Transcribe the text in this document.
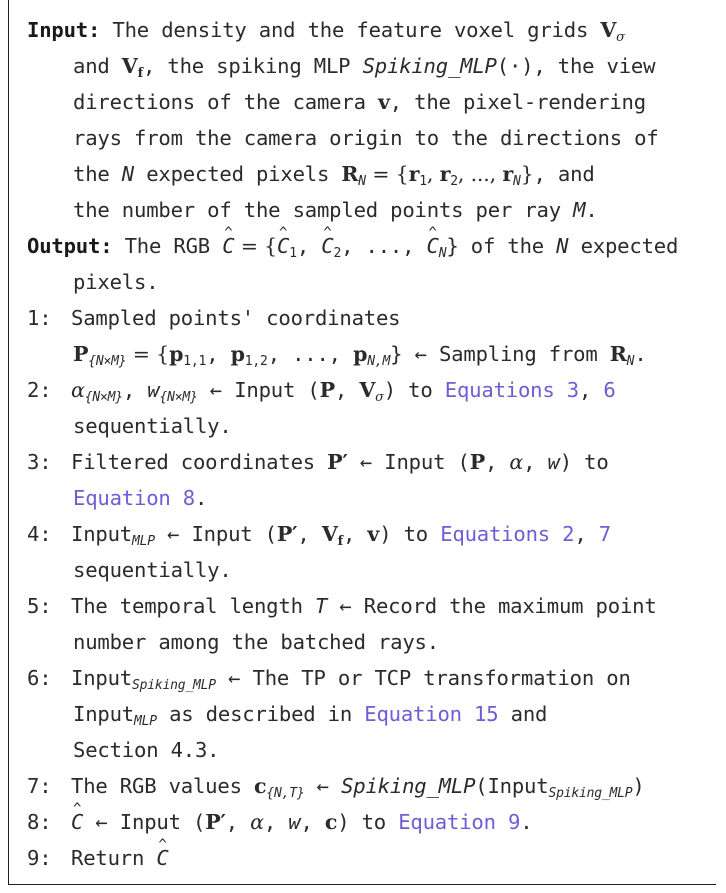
Input: The density and the feature voxel grids $V_\sigma$
and $V_f$, the spiking MLP Spiking_MLP(·), the view
directions of the camera v, the pixel-rendering
rays from the camera origin to the directions of
the N expected pixels $R_N = \{r_1$, $r_2$, ..., $r_N$}, and
the number of the sampled points per ray M.
Output: The RGB ^ C = {^ $C_1$, ^ $C_2$, ..., ^ $C_N$} of the N expected
pixels.
1: Sampled points' coordinates
$P_{\{N\times M\}} = \{p_{1,1}$, $p_{1,2}$, ..., $p_{N,M}$} ← Sampling from $R_N$.
2: $\alpha_{\{N\times M\}}$, $w_{\{N\times M\}}$ ← Input (P, $V_\sigma$) to Equations 3, 6
sequentially.
3: Filtered coordinates P′ ← Input (P, α, w) to
Equation 8.
4: Input$_{MLP}$ ← Input (P′, $V_f$, v) to Equations 2, 7
sequentially.
5: The temporal length T ← Record the maximum point
number among the batched rays.
6: Input$_{Spiking\_MLP}$ ← The TP or TCP transformation on
Input$_{MLP}$ as described in Equation 15 and
Section 4.3.
7: The RGB values $c_{\{N,T\}}$ ← Spiking_MLP(Input$_{Spiking\_MLP}$)
8:^ C ← Input (P′, α, w, c) to Equation 9.
9: Return ^ C
